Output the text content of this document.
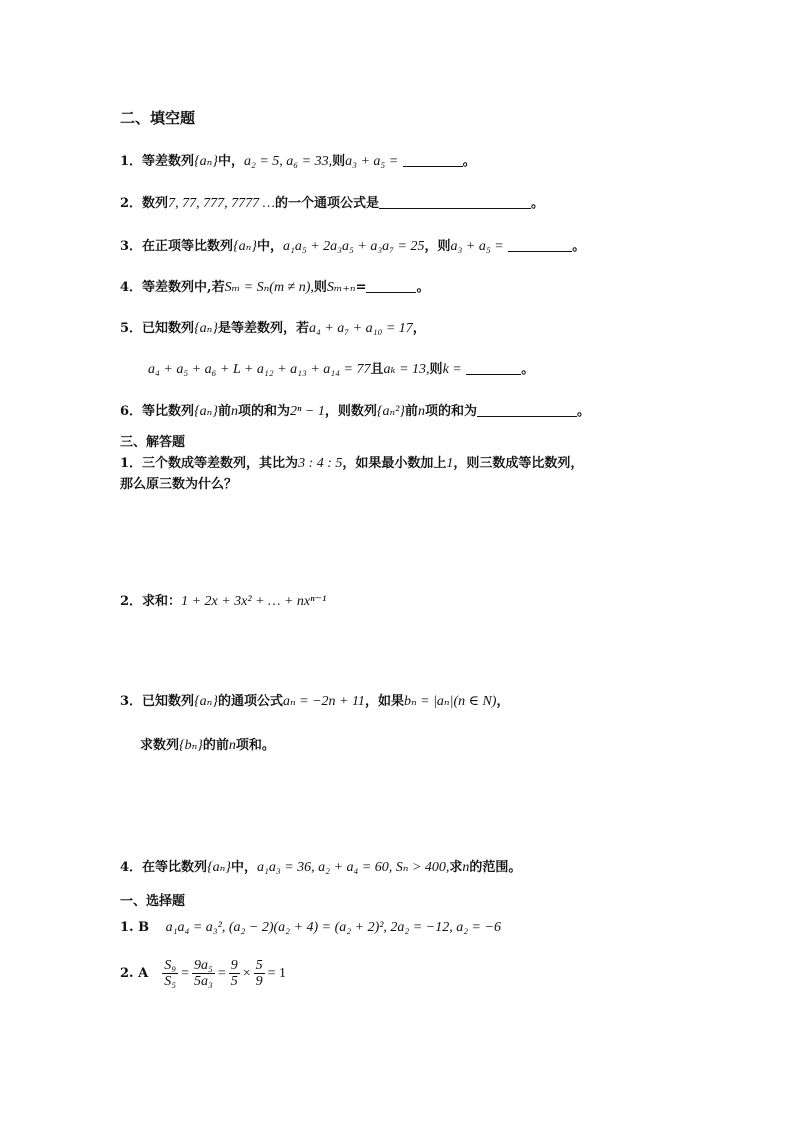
二、填空题
1．等差数列{aₙ}中，a₂ = 5, a₆ = 33,则a₃ + a₅ =	。
2．数列7, 77, 777, 7777 …的一个通项公式是	。
3．在正项等比数列{aₙ}中，a₁a₅ + 2a₃a₅ + a₃a₇ = 25，则a₃ + a₅ =	。
4．等差数列中,若Sₘ = Sₙ(m ≠ n),则Sₘ₊ₙ=	。
5．已知数列{aₙ}是等差数列，若a₄ + a₇ + a₁₀ = 17，
a₄ + a₅ + a₆ + L + a₁₂ + a₁₃ + a₁₄ = 77且aₖ = 13,则k =	。
6．等比数列{aₙ}前n项的和为2ⁿ − 1，则数列{aₙ²}前n项的和为	。
三、解答题
1．三个数成等差数列，其比为3 : 4 : 5，如果最小数加上1，则三数成等比数列，
那么原三数为什么？
2．求和：1 + 2x + 3x² + … + nxⁿ⁻¹
3．已知数列{aₙ}的通项公式aₙ = −2n + 11，如果bₙ = |aₙ|(n ∈ N)，
求数列{bₙ}的前n项和。
4．在等比数列{aₙ}中，a₁a₃ = 36, a₂ + a₄ = 60, Sₙ > 400,求n的范围。
一、选择题
1. B a₁a₄ = a₃², (a₂ − 2)(a₂ + 4) = (a₂ + 2)², 2a₂ = −12, a₂ = −6
2. A $\frac{\text{S₉}}{\text{S₅}} = \frac{\text{9a₅}}{\text{5a₃}} = \frac{9}{5} \times \frac{5}{9} = 1$
